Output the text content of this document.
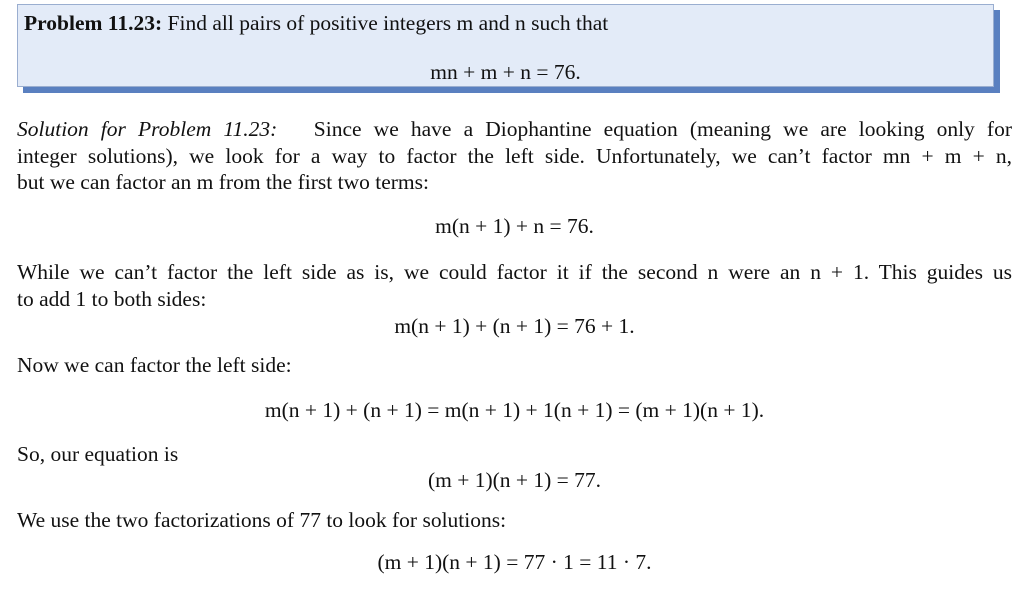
Problem 11.23: Find all pairs of positive integers m and n such that
mn + m + n = 76.
Solution for Problem 11.23: Since we have a Diophantine equation (meaning we are looking only for
integer solutions), we look for a way to factor the left side. Unfortunately, we can’t factor mn + m + n,
but we can factor an m from the first two terms:
m(n + 1) + n = 76.
While we can’t factor the left side as is, we could factor it if the second n were an n + 1. This guides us
to add 1 to both sides:
m(n + 1) + (n + 1) = 76 + 1.
Now we can factor the left side:
m(n + 1) + (n + 1) = m(n + 1) + 1(n + 1) = (m + 1)(n + 1).
So, our equation is
(m + 1)(n + 1) = 77.
We use the two factorizations of 77 to look for solutions:
(m + 1)(n + 1) = 77 · 1 = 11 · 7.
